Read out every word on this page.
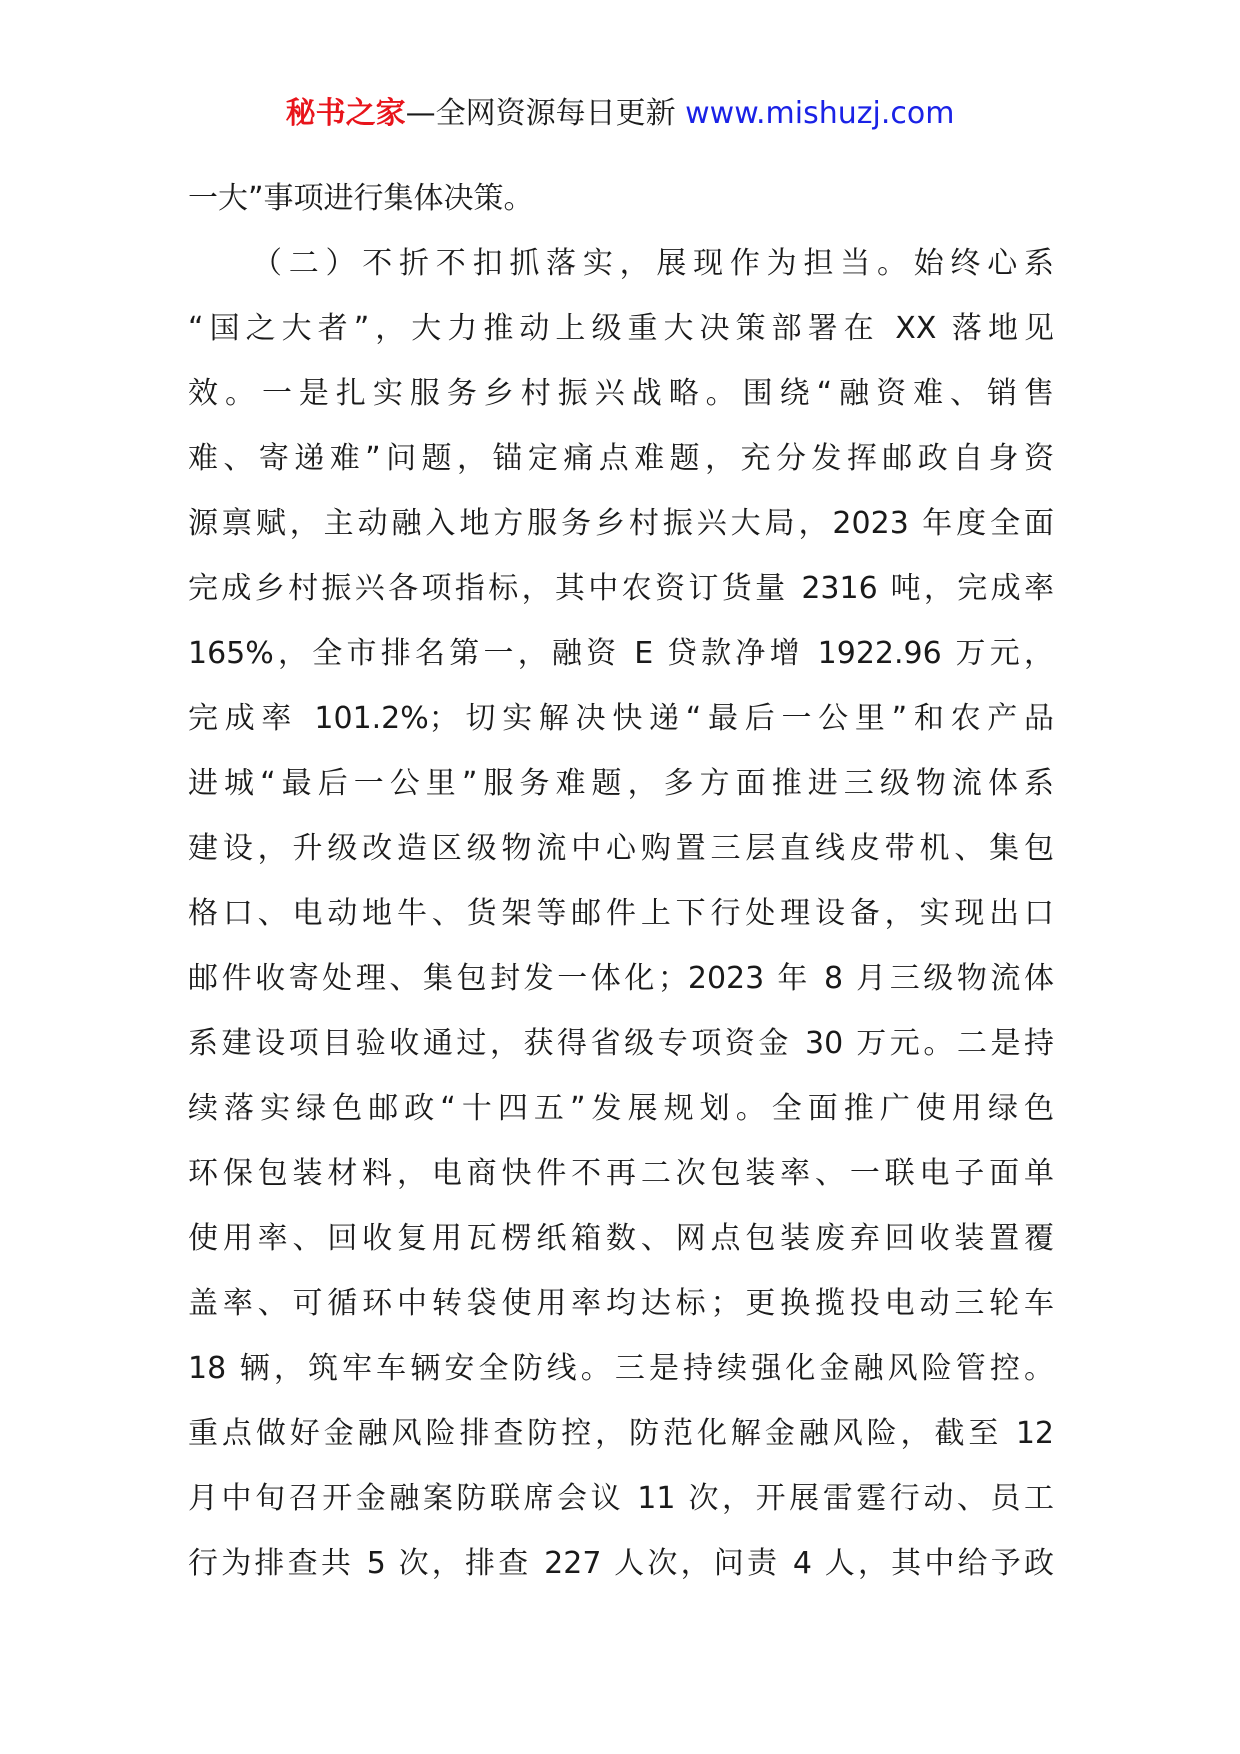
秘书之家—全网资源每日更新 www.mishuzj.com
一大”事项进行集体决策。
（二）不折不扣抓落实，展现作为担当。始终心系
“国之大者”，大力推动上级重大决策部署在 XX 落地见
效。一是扎实服务乡村振兴战略。围绕“融资难、销售
难、寄递难”问题，锚定痛点难题，充分发挥邮政自身资
源禀赋，主动融入地方服务乡村振兴大局，2023 年度全面
完成乡村振兴各项指标，其中农资订货量 2316 吨，完成率
165%，全市排名第一，融资 E 贷款净增 1922.96 万元，
完成率 101.2%；切实解决快递“最后一公里”和农产品
进城“最后一公里”服务难题，多方面推进三级物流体系
建设，升级改造区级物流中心购置三层直线皮带机、集包
格口、电动地牛、货架等邮件上下行处理设备，实现出口
邮件收寄处理、集包封发一体化；2023 年 8 月三级物流体
系建设项目验收通过，获得省级专项资金 30 万元。二是持
续落实绿色邮政“十四五”发展规划。全面推广使用绿色
环保包装材料，电商快件不再二次包装率、一联电子面单
使用率、回收复用瓦楞纸箱数、网点包装废弃回收装置覆
盖率、可循环中转袋使用率均达标；更换揽投电动三轮车
18 辆，筑牢车辆安全防线。三是持续强化金融风险管控。
重点做好金融风险排查防控，防范化解金融风险，截至 12
月中旬召开金融案防联席会议 11 次，开展雷霆行动、员工
行为排查共 5 次，排查 227 人次，问责 4 人，其中给予政
